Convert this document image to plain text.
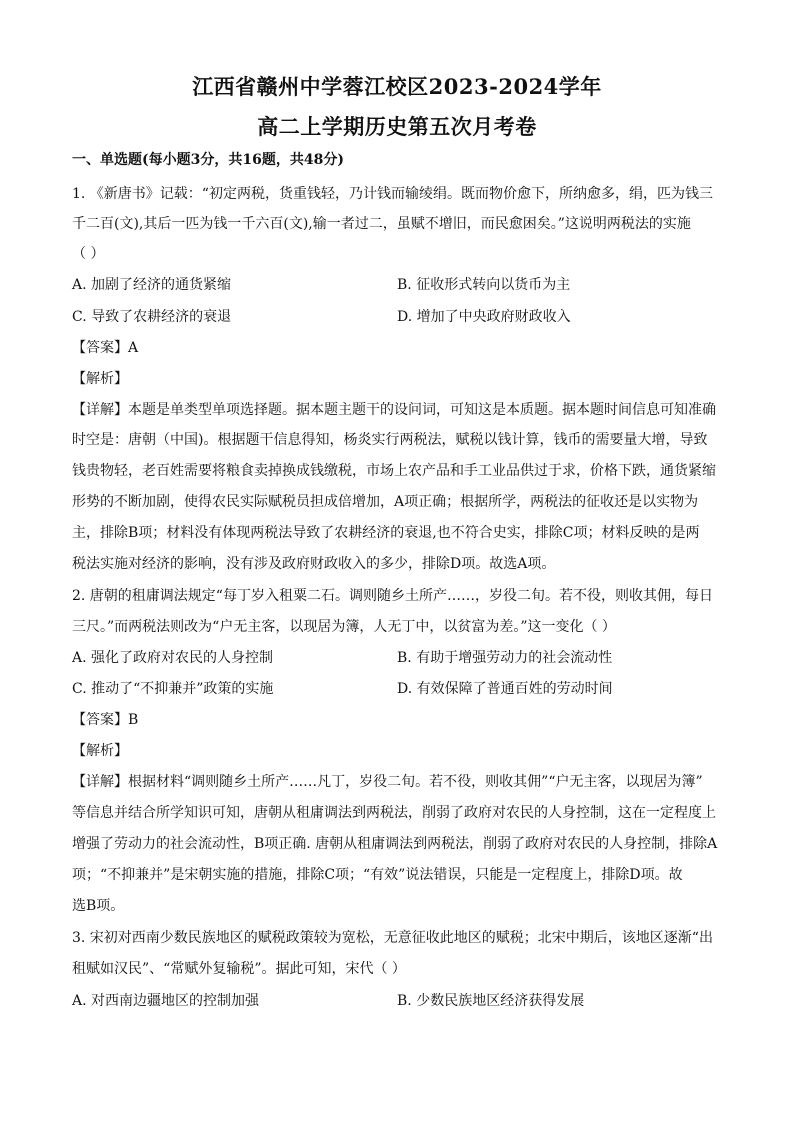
江西省赣州中学蓉江校区2023-2024学年
高二上学期历史第五次月考卷
一、单选题(每小题3分，共16题，共48分)
1. 《新唐书》记载：“初定两税，货重钱轻，乃计钱而输绫绢。既而物价愈下，所纳愈多，绢，匹为钱三
千二百(文),其后一匹为钱一千六百(文),输一者过二，虽赋不增旧，而民愈困矣。”这说明两税法的实施
（ ）
A. 加剧了经济的通货紧缩	B. 征收形式转向以货币为主
C. 导致了农耕经济的衰退	D. 增加了中央政府财政收入
【答案】A
【解析】
【详解】本题是单类型单项选择题。据本题主题干的设问词，可知这是本质题。据本题时间信息可知准确
时空是：唐朝（中国)。根据题干信息得知，杨炎实行两税法，赋税以钱计算，钱币的需要量大增，导致
钱贵物轻，老百姓需要将粮食卖掉换成钱缴税，市场上农产品和手工业品供过于求，价格下跌，通货紧缩
形势的不断加剧，使得农民实际赋税员担成倍增加，A项正确；根据所学，两税法的征收还是以实物为
主，排除B项；材料没有体现两税法导致了农耕经济的衰退,也不符合史实，排除C项；材料反映的是两
税法实施对经济的影响，没有涉及政府财政收入的多少，排除D项。故选A项。
2. 唐朝的租庸调法规定“每丁岁入租粟二石。调则随乡土所产……，岁役二旬。若不役，则收其佣，每日
三尺。”而两税法则改为“户无主客，以现居为簿，人无丁中，以贫富为差。”这一变化（ ）
A. 强化了政府对农民的人身控制	B. 有助于增强劳动力的社会流动性
C. 推动了“不抑兼并”政策的实施	D. 有效保障了普通百姓的劳动时间
【答案】B
【解析】
【详解】根据材料“调则随乡土所产……凡丁，岁役二旬。若不役，则收其佣”“户无主客，以现居为簿”
等信息并结合所学知识可知，唐朝从租庸调法到两税法，削弱了政府对农民的人身控制，这在一定程度上
增强了劳动力的社会流动性，B项正确. 唐朝从租庸调法到两税法，削弱了政府对农民的人身控制，排除A
项；“不抑兼并”是宋朝实施的措施，排除C项；“有效”说法错误，只能是一定程度上，排除D项。故
选B项。
3. 宋初对西南少数民族地区的赋税政策较为宽松，无意征收此地区的赋税；北宋中期后，该地区逐渐“出
租赋如汉民”、“常赋外复输税”。据此可知，宋代（ ）
A. 对西南边疆地区的控制加强	B. 少数民族地区经济获得发展
